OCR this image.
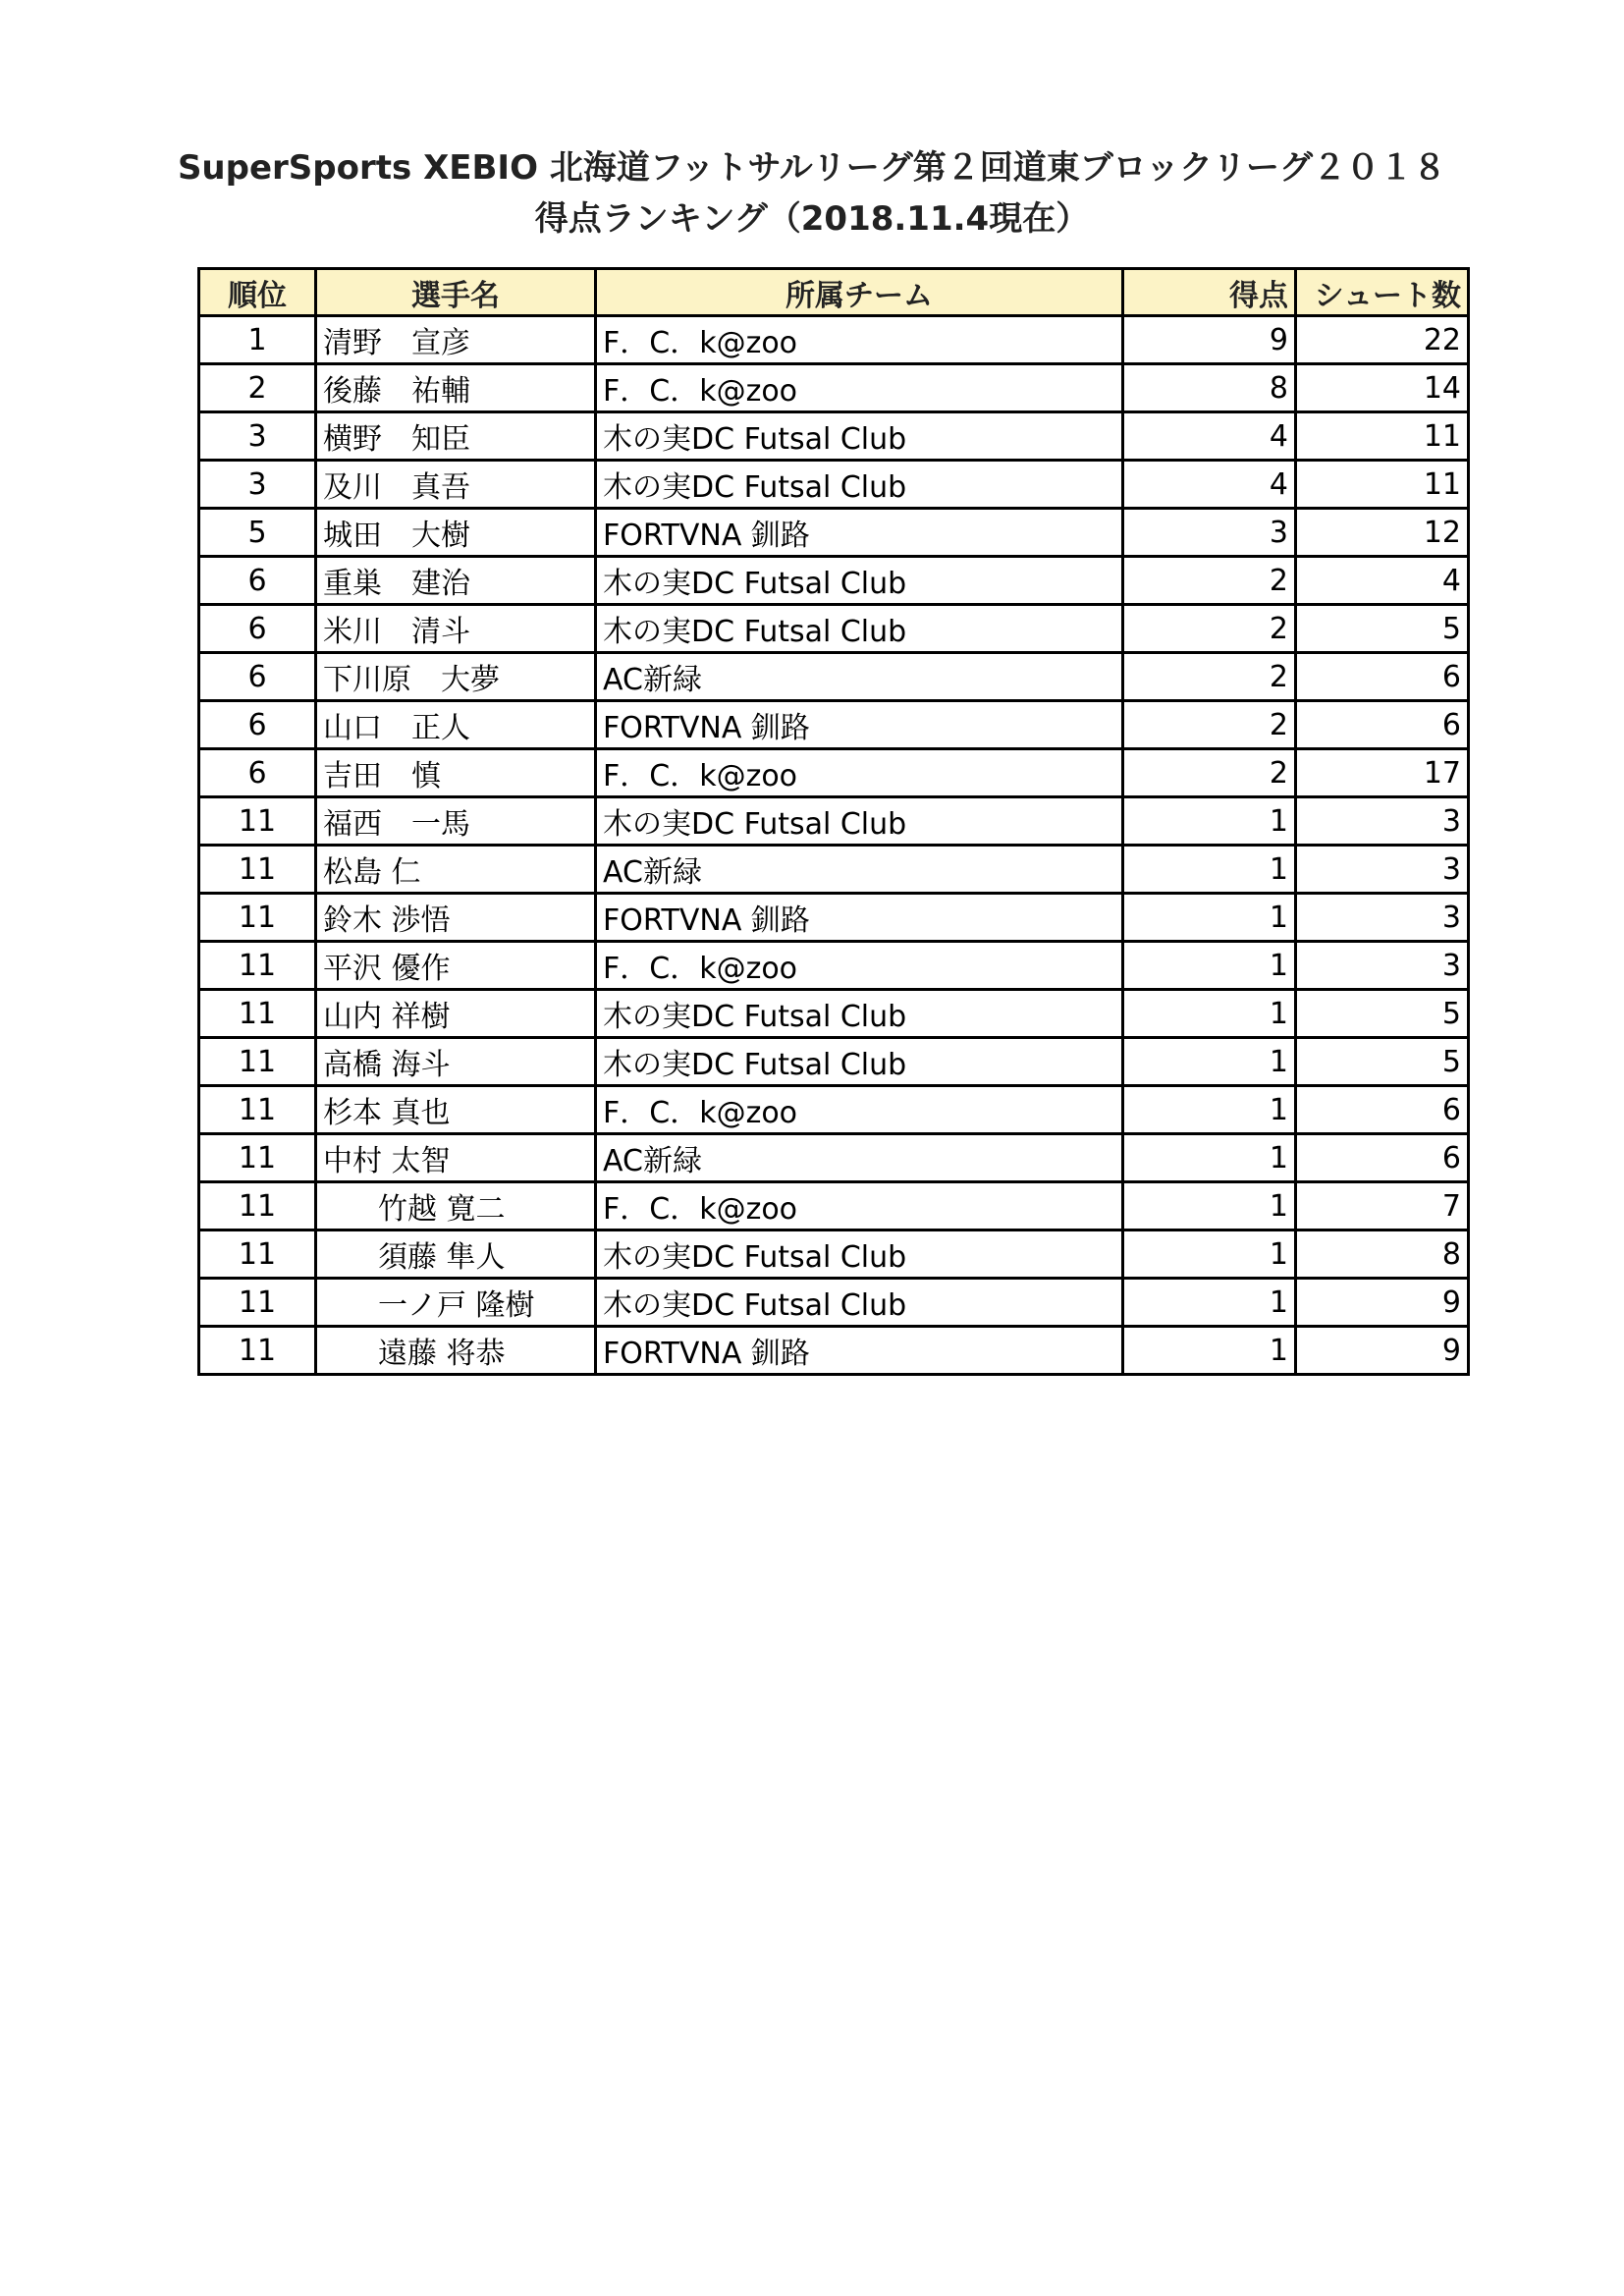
SuperSports XEBIO 北海道フットサルリーグ第２回道東ブロックリーグ２０１８
得点ランキング（2018.11.4現在）
順位	選手名	所属チーム	得点	シュート数
1	清野　宣彦	F．C．k@zoo	9	22
2	後藤　祐輔	F．C．k@zoo	8	14
3	横野　知臣	木の実DC Futsal Club	4	11
3	及川　真吾	木の実DC Futsal Club	4	11
5	城田　大樹	FORTVNA 釧路	3	12
6	重巣　建治	木の実DC Futsal Club	2	4
6	米川　清斗	木の実DC Futsal Club	2	5
6	下川原　大夢	AC新緑	2	6
6	山口　正人	FORTVNA 釧路	2	6
6	吉田　慎	F．C．k@zoo	2	17
11	福西　一馬	木の実DC Futsal Club	1	3
11	松島 仁	AC新緑	1	3
11	鈴木 渉悟	FORTVNA 釧路	1	3
11	平沢 優作	F．C．k@zoo	1	3
11	山内 祥樹	木の実DC Futsal Club	1	5
11	高橋 海斗	木の実DC Futsal Club	1	5
11	杉本 真也	F．C．k@zoo	1	6
11	中村 太智	AC新緑	1	6
11	竹越 寛二	F．C．k@zoo	1	7
11	須藤 隼人	木の実DC Futsal Club	1	8
11	一ノ戸 隆樹	木の実DC Futsal Club	1	9
11	遠藤 将恭	FORTVNA 釧路	1	9
